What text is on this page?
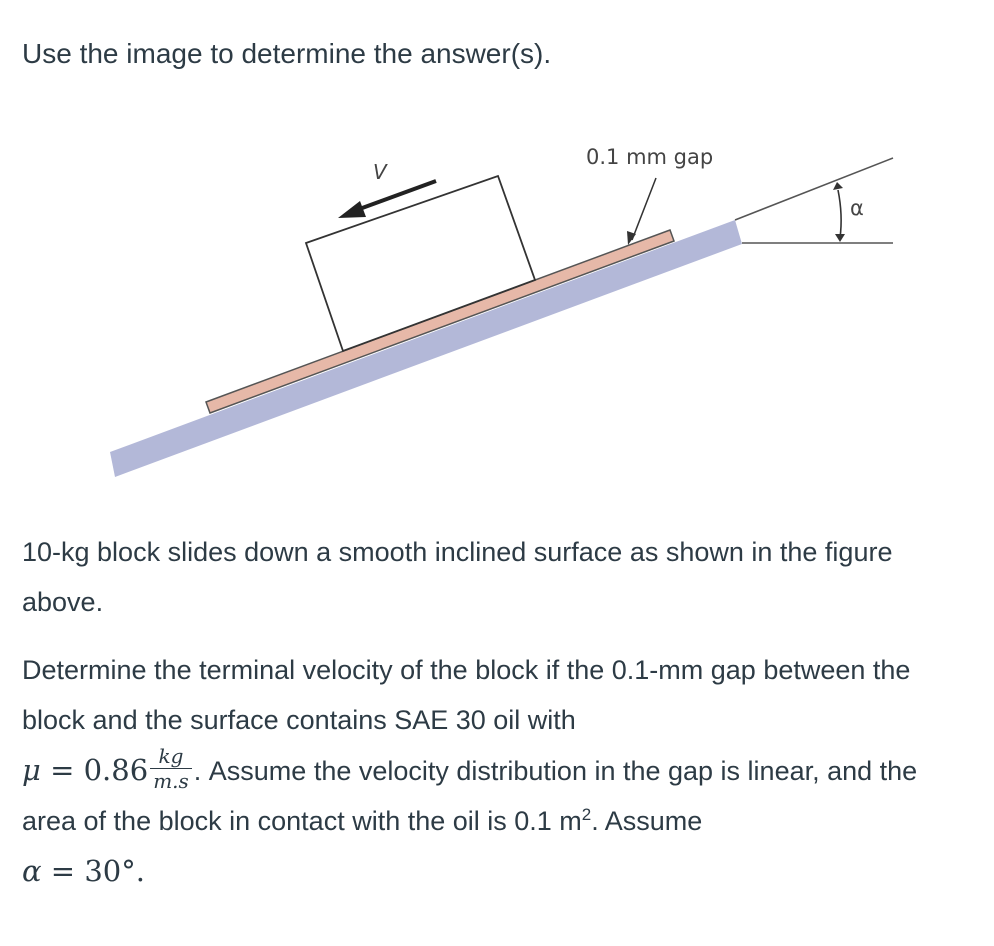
Use the image to determine the answer(s).
V
0.1 mm gap
α

10-kg block slides down a smooth inclined surface as shown in the figure above.

Determine the terminal velocity of the block if the 0.1-mm gap between the block and the surface contains SAE 30 oil with
$\mu = 0.86 \frac{kg}{m.s}$ . Assume the velocity distribution in the gap is linear, and the area of the block in contact with the oil is 0.1 $m^2$. Assume
α = 30°.
